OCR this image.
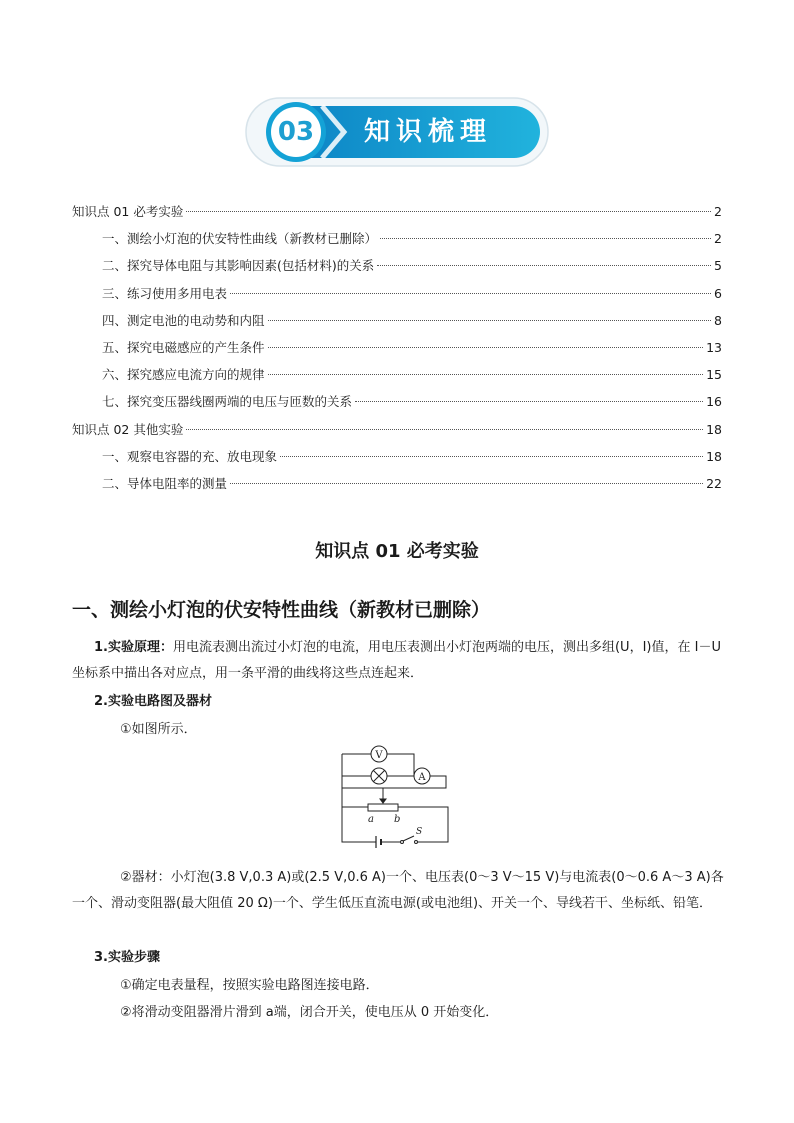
03 知识梳理
知识点 01 必考实验	2
一、测绘小灯泡的伏安特性曲线（新教材已删除）	2
二、探究导体电阻与其影响因素(包括材料)的关系	5
三、练习使用多用电表	6
四、测定电池的电动势和内阻	8
五、探究电磁感应的产生条件	13
六、探究感应电流方向的规律	15
七、探究变压器线圈两端的电压与匝数的关系	16
知识点 02 其他实验	18
一、观察电容器的充、放电现象	18
二、导体电阻率的测量	22
知识点 01 必考实验
一、测绘小灯泡的伏安特性曲线（新教材已删除）
1.实验原理：用电流表测出流过小灯泡的电流，用电压表测出小灯泡两端的电压，测出多组(U，I)值，在 I－U坐标系中描出各对应点，用一条平滑的曲线将这些点连起来．
2.实验电路图及器材
①如图所示．
V
A
a b
S
②器材：小灯泡(3.8 V,0.3 A)或(2.5 V,0.6 A)一个、电压表(0～3 V～15 V)与电流表(0～0.6 A～3 A)各一个、滑动变阻器(最大阻值 20 Ω)一个、学生低压直流电源(或电池组)、开关一个、导线若干、坐标纸、铅笔．
3.实验步骤
①确定电表量程，按照实验电路图连接电路．
②将滑动变阻器滑片滑到 a端，闭合开关，使电压从 0 开始变化．
